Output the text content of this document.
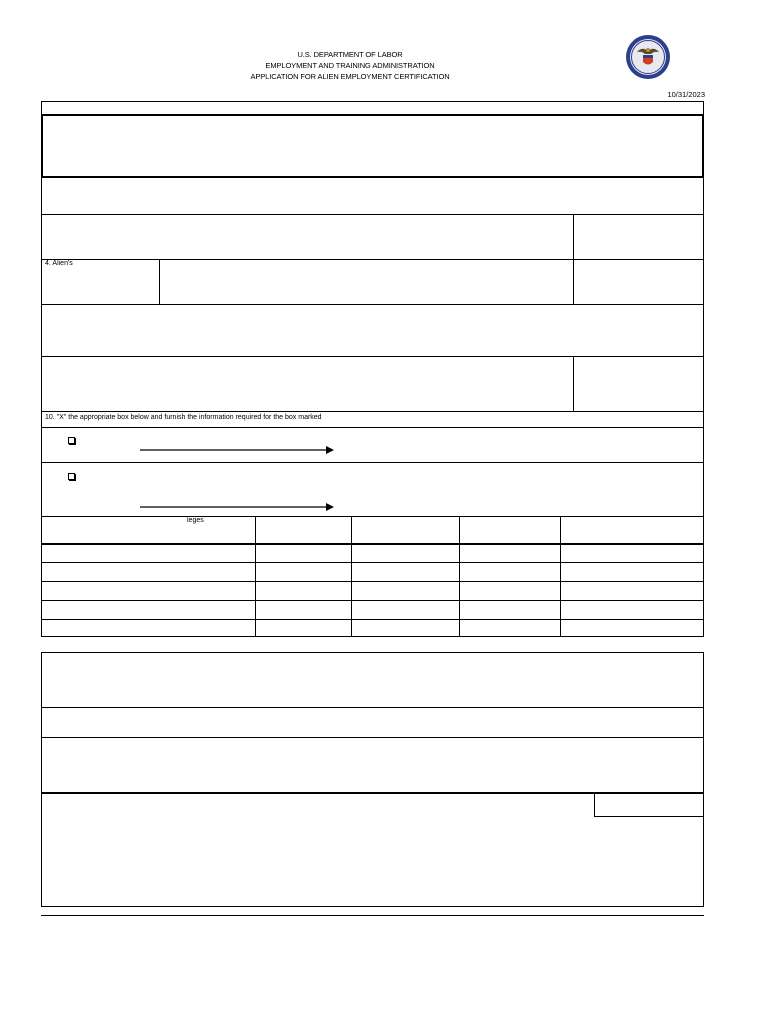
U.S. DEPARTMENT OF LABOR
EMPLOYMENT AND TRAINING ADMINISTRATION
APPLICATION FOR ALIEN EMPLOYMENT CERTIFICATION
10/31/2023
4. Alien's
10. "X" the appropriate box below and furnish the information required for the box marked
leges
